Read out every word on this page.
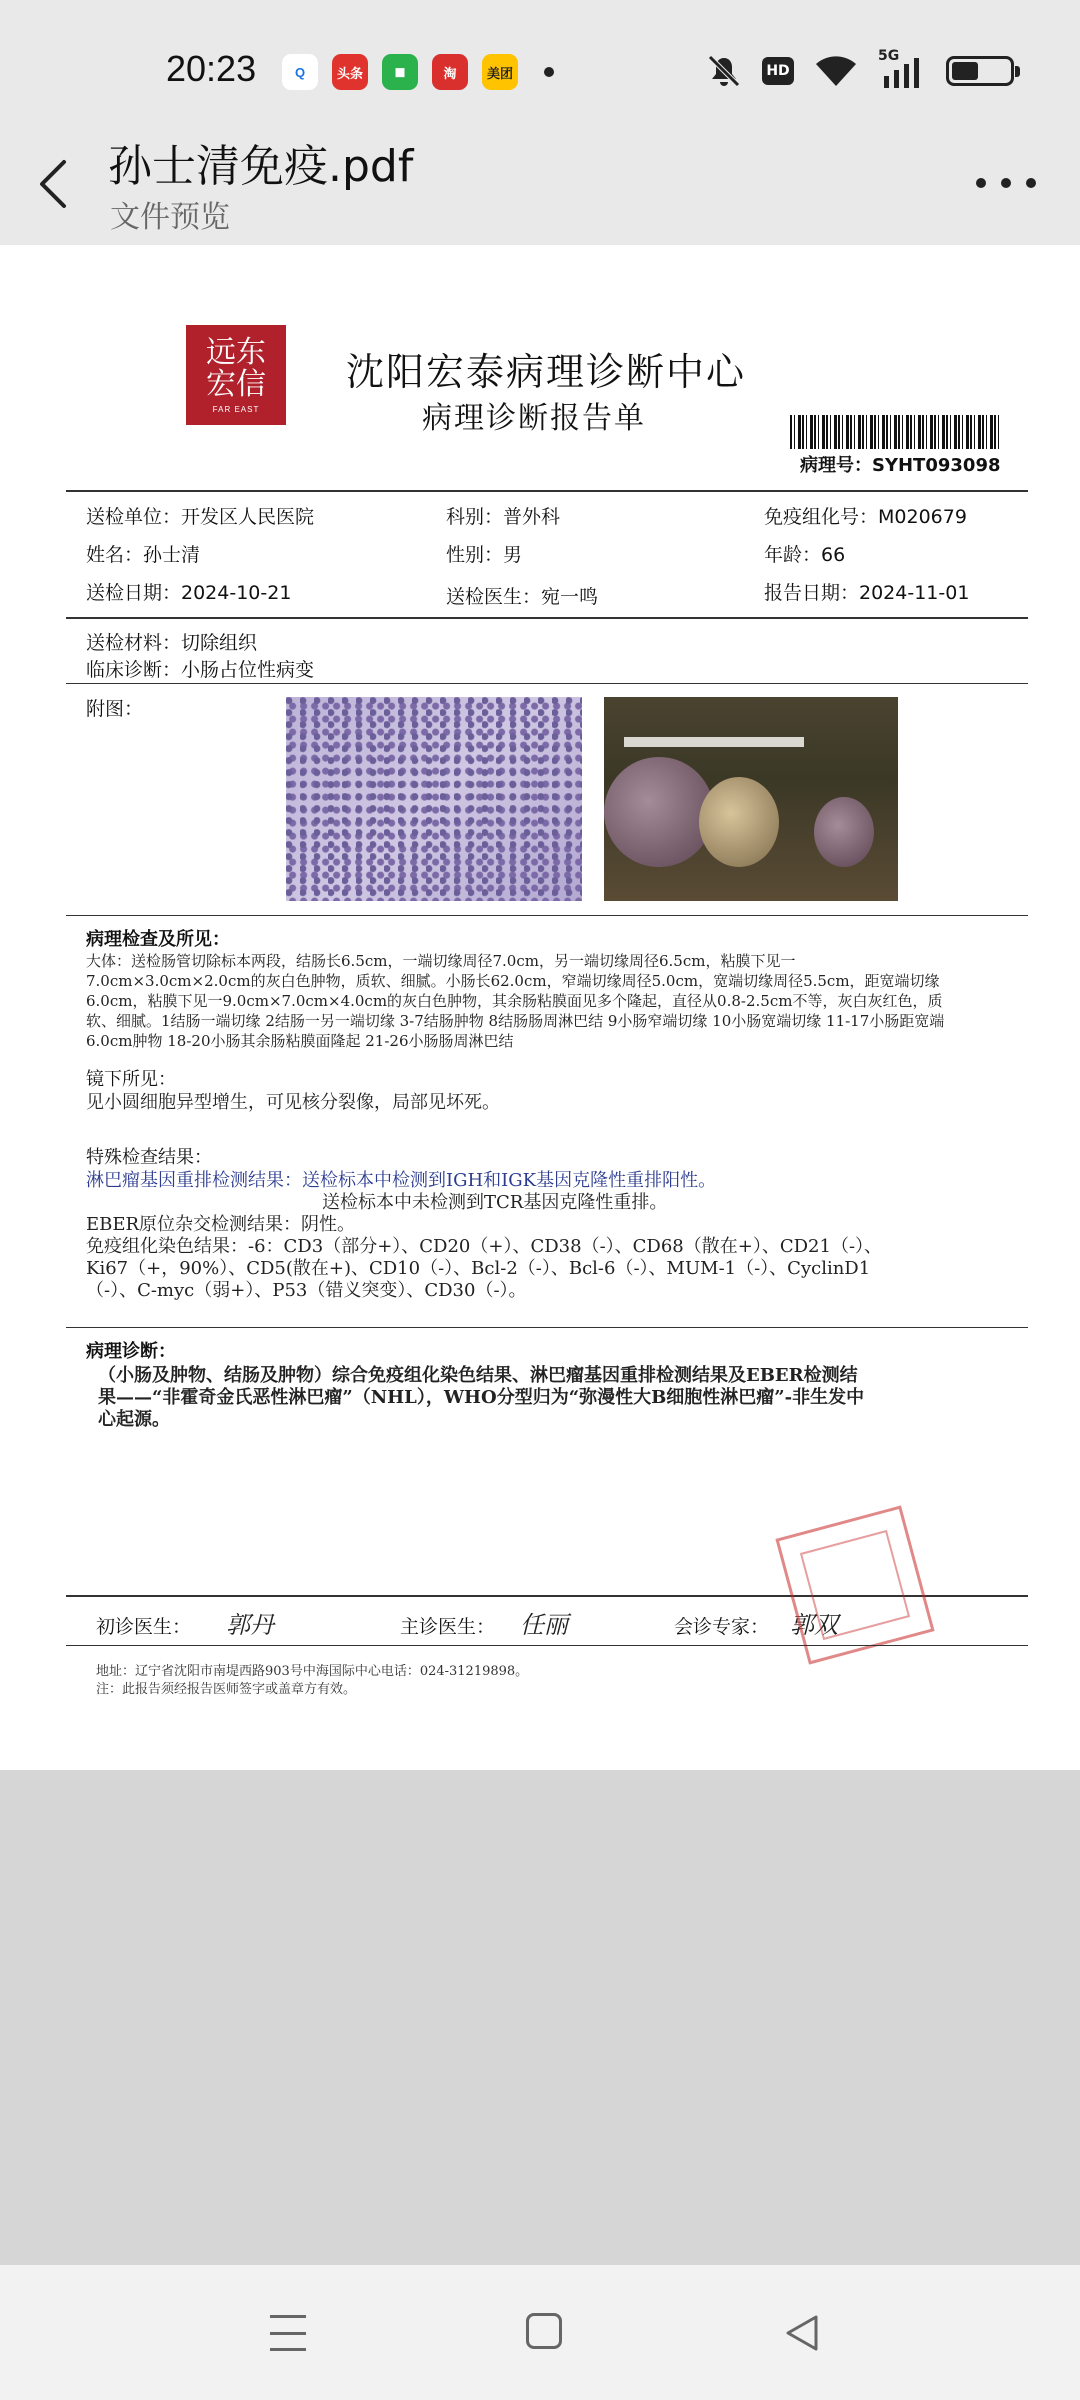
20:23	Q	头条	◼	淘	美团	HD
5G
孙士清免疫.pdf
文件预览
远东
宏信
FAR EAST
沈阳宏泰病理诊断中心
病理诊断报告单
病理号：SYHT093098
送检单位：开发区人民医院	科别：普外科	免疫组化号：M020679
姓名：孙士清	性别：男	年龄：66
送检日期：2024-10-21	送检医生：宛一鸣	报告日期：2024-11-01
送检材料：切除组织
临床诊断：小肠占位性病变
附图：
病理检查及所见：
大体：送检肠管切除标本两段，结肠长6.5cm，一端切缘周径7.0cm，另一端切缘周径6.5cm，粘膜下见一7.0cm×3.0cm×2.0cm的灰白色肿物，质软、细腻。小肠长62.0cm，窄端切缘周径5.0cm，宽端切缘周径5.5cm，距宽端切缘6.0cm，粘膜下见一9.0cm×7.0cm×4.0cm的灰白色肿物，其余肠粘膜面见多个隆起，直径从0.8-2.5cm不等，灰白灰红色，质软、细腻。1结肠一端切缘 2结肠一另一端切缘 3-7结肠肿物 8结肠肠周淋巴结 9小肠窄端切缘 10小肠宽端切缘 11-17小肠距宽端6.0cm肿物 18-20小肠其余肠粘膜面隆起 21-26小肠肠周淋巴结
镜下所见：
见小圆细胞异型增生，可见核分裂像，局部见坏死。
特殊检查结果：
淋巴瘤基因重排检测结果：送检标本中检测到IGH和IGK基因克隆性重排阳性。
送检标本中未检测到TCR基因克隆性重排。
EBER原位杂交检测结果：阴性。
免疫组化染色结果：-6：CD3（部分+）、CD20（+）、CD38（-）、CD68（散在+）、CD21（-）、
Ki67（+，90%）、CD5(散在+)、CD10（-）、Bcl-2（-）、Bcl-6（-）、MUM-1（-）、CyclinD1
（-）、C-myc（弱+）、P53（错义突变）、CD30（-）。
病理诊断：
（小肠及肿物、结肠及肿物）综合免疫组化染色结果、淋巴瘤基因重排检测结果及EBER检测结
果——“非霍奇金氏恶性淋巴瘤”（NHL），WHO分型归为“弥漫性大B细胞性淋巴瘤”-非生发中
心起源。
初诊医生： 郭丹	主诊医生： 任丽	会诊专家： 郭双
地址：辽宁省沈阳市南堤西路903号中海国际中心电话：024-31219898。
注：此报告须经报告医师签字或盖章方有效。
